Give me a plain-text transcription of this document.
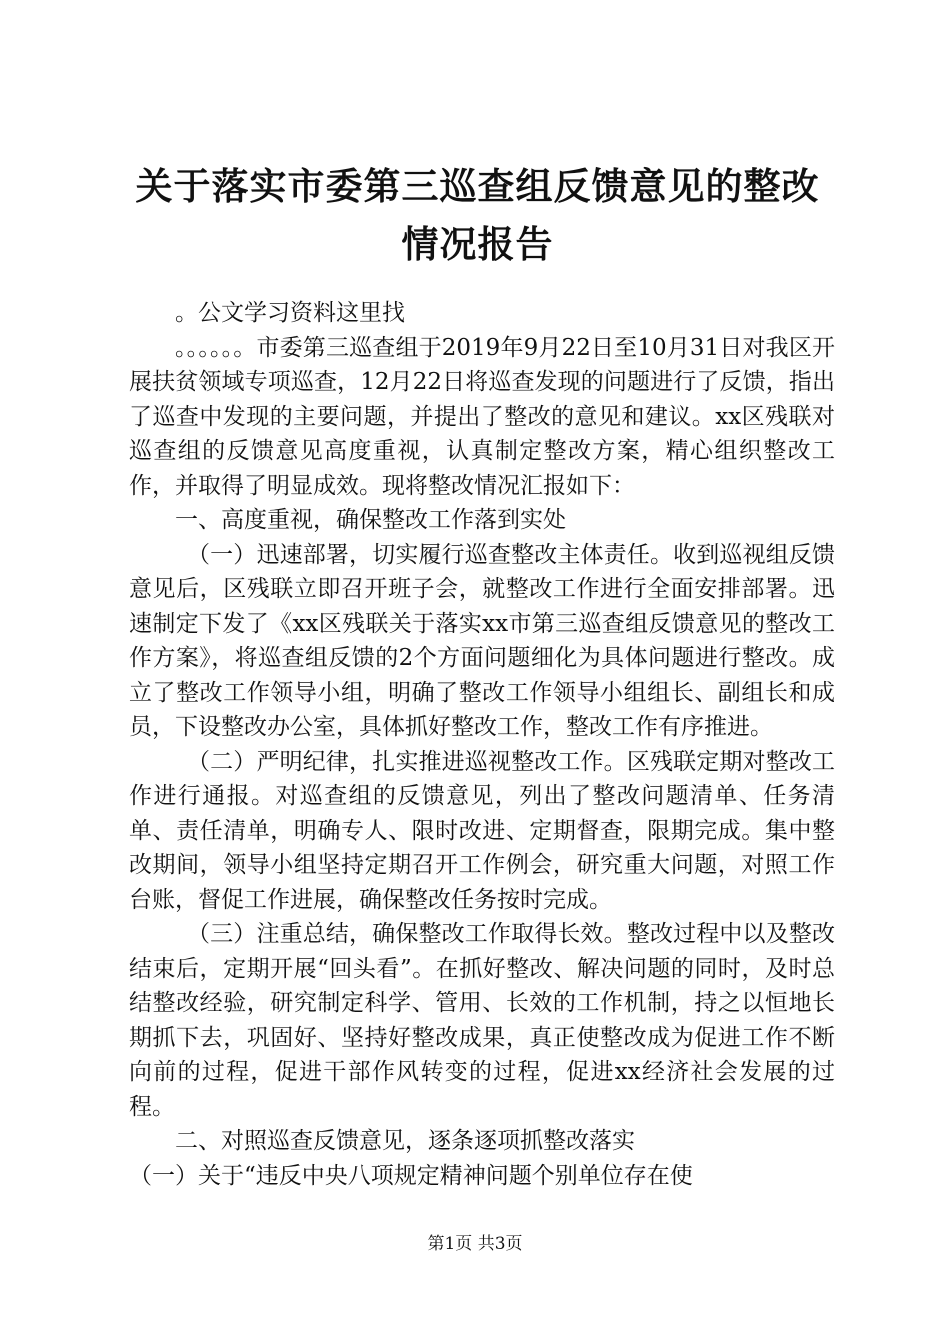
关于落实市委第三巡查组反馈意见的整改情况报告

。公文学习资料这里找

。。。。。。市委第三巡查组于2019年9月22日至10月31日对我区开展扶贫领域专项巡查，12月22日将巡查发现的问题进行了反馈，指出了巡查中发现的主要问题，并提出了整改的意见和建议。xx区残联对巡查组的反馈意见高度重视，认真制定整改方案，精心组织整改工作，并取得了明显成效。现将整改情况汇报如下：

一、高度重视，确保整改工作落到实处

（一）迅速部署，切实履行巡查整改主体责任。收到巡视组反馈意见后，区残联立即召开班子会，就整改工作进行全面安排部署。迅速制定下发了《xx区残联关于落实xx市第三巡查组反馈意见的整改工作方案》，将巡查组反馈的2个方面问题细化为具体问题进行整改。成立了整改工作领导小组，明确了整改工作领导小组组长、副组长和成员，下设整改办公室，具体抓好整改工作，整改工作有序推进。

（二）严明纪律，扎实推进巡视整改工作。区残联定期对整改工作进行通报。对巡查组的反馈意见，列出了整改问题清单、任务清单、责任清单，明确专人、限时改进、定期督查，限期完成。集中整改期间，领导小组坚持定期召开工作例会，研究重大问题，对照工作台账，督促工作进展，确保整改任务按时完成。

（三）注重总结，确保整改工作取得长效。整改过程中以及整改结束后，定期开展“回头看”。在抓好整改、解决问题的同时，及时总结整改经验，研究制定科学、管用、长效的工作机制，持之以恒地长期抓下去，巩固好、坚持好整改成果，真正使整改成为促进工作不断向前的过程，促进干部作风转变的过程，促进xx经济社会发展的过程。

二、对照巡查反馈意见，逐条逐项抓整改落实

（一）关于“违反中央八项规定精神问题个别单位存在使

第1页 共3页
